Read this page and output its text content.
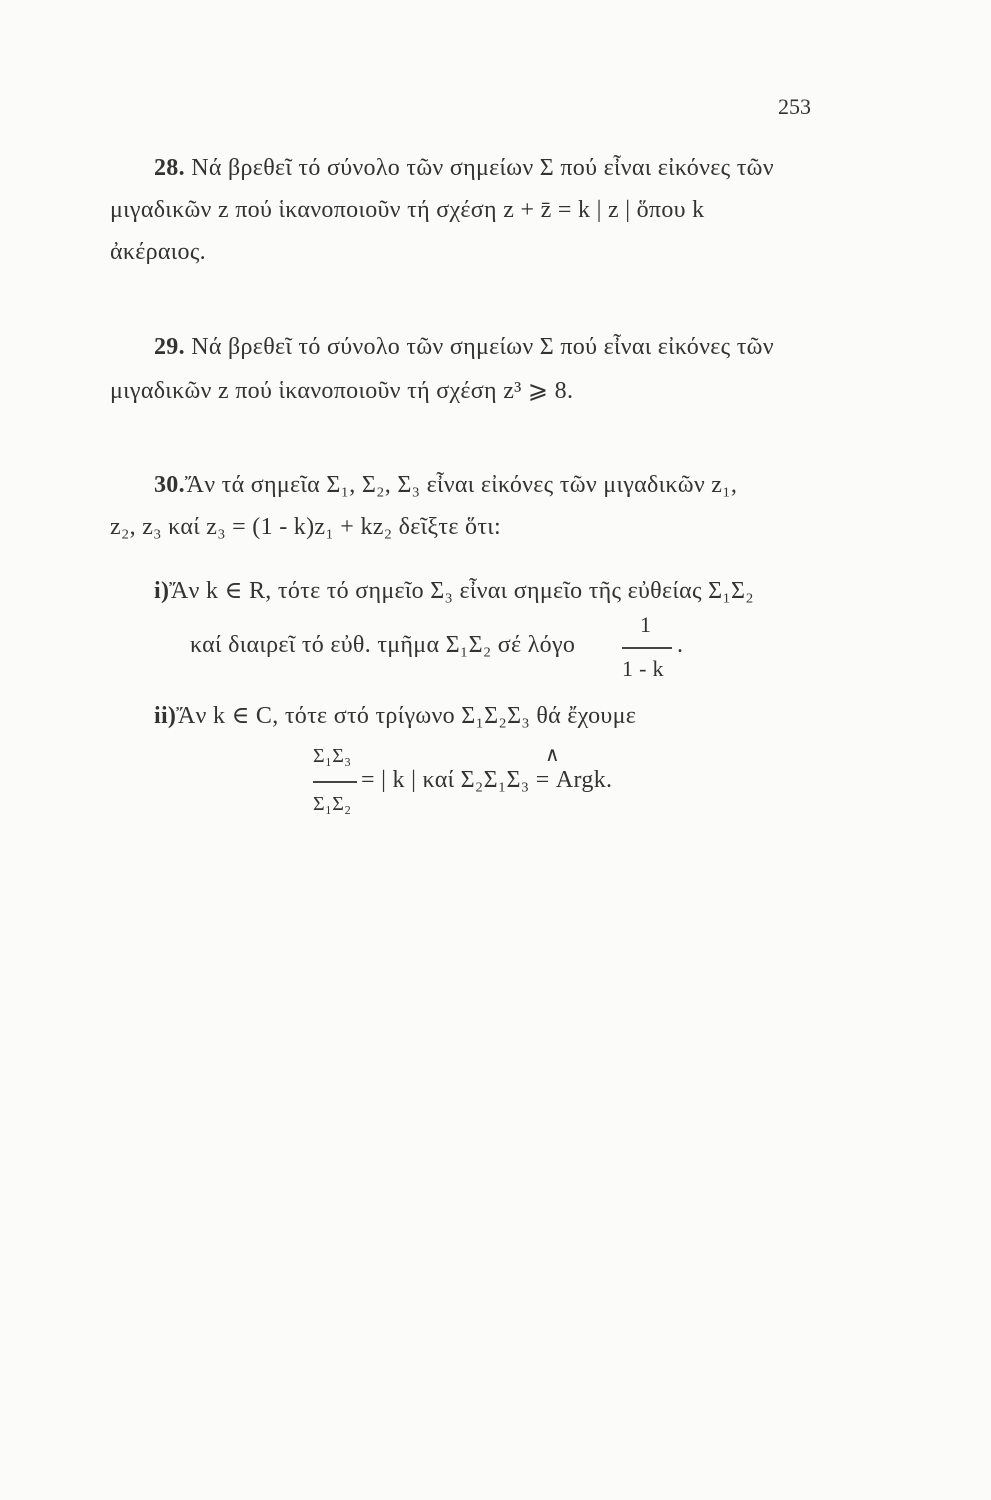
253
28. Νά βρεθεῖ τό σύνολο τῶν σημείων Σ πού εἶναι εἰκόνες τῶν
μιγαδικῶν z πού ἱκανοποιοῦν τή σχέση z + z̄ = k | z | ὅπου k
ἀκέραιος.
29. Νά βρεθεῖ τό σύνολο τῶν σημείων Σ πού εἶναι εἰκόνες τῶν
μιγαδικῶν z πού ἱκανοποιοῦν τή σχέση z³ ⩾ 8.
30.Ἄν τά σημεῖα Σ₁, Σ₂, Σ₃ εἶναι εἰκόνες τῶν μιγαδικῶν z₁,
z₂, z₃ καί z₃ = (1 - k)z₁ + kz₂ δεῖξτε ὅτι:
i)Ἄν k ∈ R, τότε τό σημεῖο Σ₃ εἶναι σημεῖο τῆς εὐθείας Σ₁Σ₂
καί διαιρεῖ τό εὐθ. τμῆμα Σ₁Σ₂ σέ λόγο
1
.
1 - k
ii)Ἄν k ∈ C, τότε στό τρίγωνο Σ₁Σ₂Σ₃ θά ἔχουμε
Σ₁Σ₃
Σ₁Σ₂
= | k | καί Σ₂Σ₁Σ₃ = Argk.
∧
